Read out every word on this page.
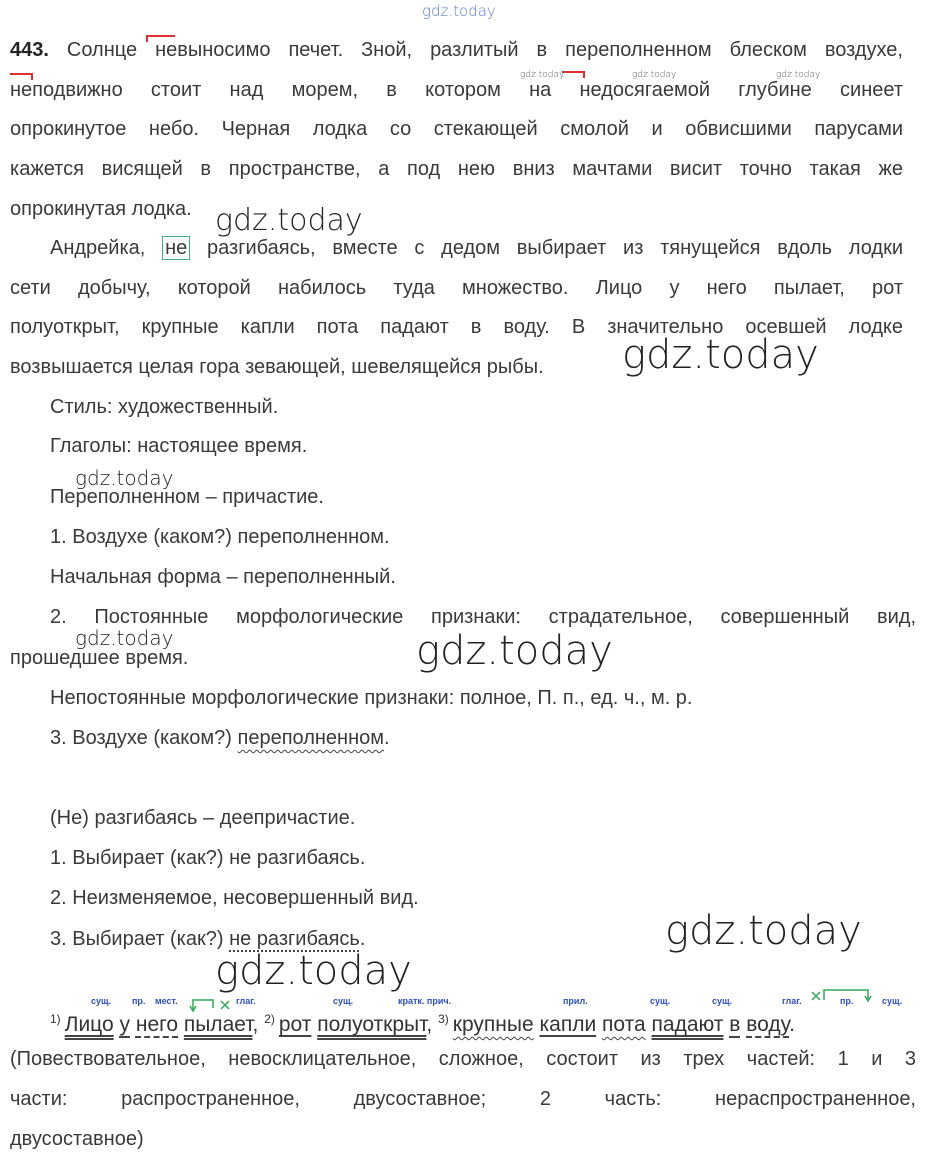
gdz.today
443. Солнце невыносимо печет. Зной, разлитый в переполненном блеском воздухе,
неподвижно стоит над морем, в котором на недосягаемой глубине синеет
опрокинутое небо. Черная лодка со стекающей смолой и обвисшими парусами
кажется висящей в пространстве, а под нею вниз мачтами висит точно такая же
опрокинутая лодка.
gdz.today	gdz.today	gdz.today
gdz.today
Андрейка, не разгибаясь, вместе с дедом выбирает из тянущейся вдоль лодки
сети добычу, которой набилось туда множество. Лицо у него пылает, рот
полуоткрыт, крупные капли пота падают в воду. В значительно осевшей лодке
возвышается целая гора зевающей, шевелящейся рыбы. gdz.today
Стиль: художественный.
Глаголы: настоящее время.
gdz.today
Переполненном – причастие.
1. Воздухе (каком?) переполненном.
Начальная форма – переполненный.
2. Постоянные морфологические признаки: страдательное, совершенный вид,
gdz.today
прошедшее время.	gdz.today
Непостоянные морфологические признаки: полное, П. п., ед. ч., м. р.
3. Воздухе (каком?) переполненном.
(Не) разгибаясь – деепричастие.
1. Выбирает (как?) не разгибаясь.
2. Неизменяемое, несовершенный вид.
3. Выбирает (как?) не разгибаясь.	gdz.today
gdz.today
сущ. пр. мест.	глаг.	сущ.	кратк. прич.	прил.	сущ.	сущ.	глаг.	пр.	сущ.
$^{1)}$ Лицо у него пылает, $^{2)}$ рот полуоткрыт, $^{3)}$ крупные капли пота падают в воду.
(Повествовательное, невосклицательное, сложное, состоит из трех частей: 1 и 3
части: распространенное, двусоставное; 2 часть: нераспространенное,
двусоставное)
